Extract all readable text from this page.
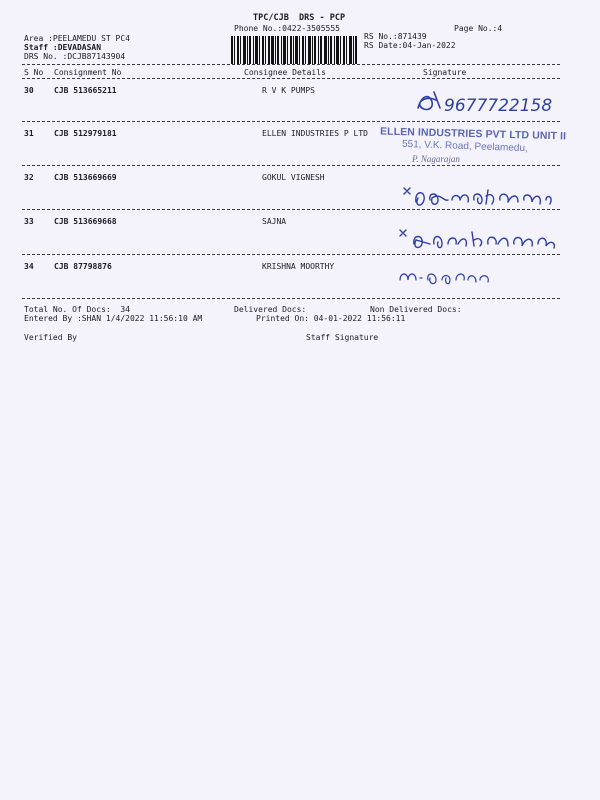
TPC/CJB  DRS - PCP
Phone No.:0422-3505555	Page No.:4
Area :PEELAMEDU ST PC4
Staff :DEVADASAN
DRS No. :DCJB87143904
RS No.:871439
RS Date:04-Jan-2022
S No Consignment No	Consignee Details	Signature
30	CJB 513665211	R V K PUMPS
31	CJB 512979181	ELLEN INDUSTRIES P LTD
32	CJB 513669669	GOKUL VIGNESH
33	CJB 513669668	SAJNA
34	CJB 87798876	KRISHNA MOORTHY
9677722158
ELLEN INDUSTRIES PVT LTD UNIT II
551, V.K. Road, Peelamedu,
P. Nagarajan
Total No. Of Docs:  34	Delivered Docs:	Non Delivered Docs:
Entered By :SHAN 1/4/2022 11:56:10 AM	Printed On: 04-01-2022 11:56:11
Verified By	Staff Signature
